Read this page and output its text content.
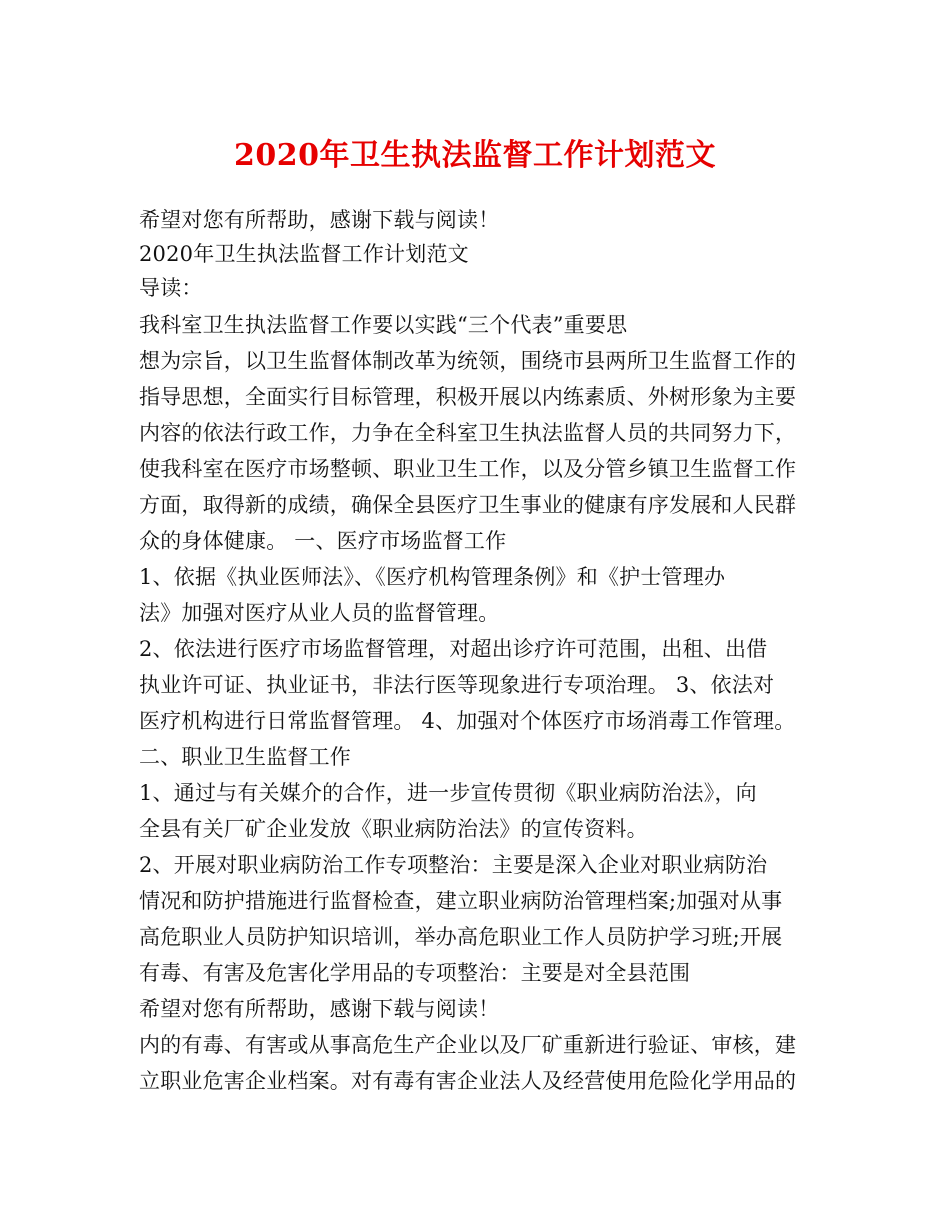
2020年卫生执法监督工作计划范文
希望对您有所帮助，感谢下载与阅读！
2020年卫生执法监督工作计划范文
导读：
我科室卫生执法监督工作要以实践“三个代表”重要思
想为宗旨，以卫生监督体制改革为统领，围绕市县两所卫生监督工作的
指导思想，全面实行目标管理，积极开展以内练素质、外树形象为主要
内容的依法行政工作，力争在全科室卫生执法监督人员的共同努力下，
使我科室在医疗市场整顿、职业卫生工作，以及分管乡镇卫生监督工作
方面，取得新的成绩，确保全县医疗卫生事业的健康有序发展和人民群
众的身体健康。 一、医疗市场监督工作
1、依据《执业医师法》、《医疗机构管理条例》和《护士管理办
法》加强对医疗从业人员的监督管理。
2、依法进行医疗市场监督管理，对超出诊疗许可范围，出租、出借
执业许可证、执业证书，非法行医等现象进行专项治理。 3、依法对
医疗机构进行日常监督管理。 4、加强对个体医疗市场消毒工作管理。
二、职业卫生监督工作
1、通过与有关媒介的合作，进一步宣传贯彻《职业病防治法》，向
全县有关厂矿企业发放《职业病防治法》的宣传资料。
2、开展对职业病防治工作专项整治：主要是深入企业对职业病防治
情况和防护措施进行监督检查，建立职业病防治管理档案;加强对从事
高危职业人员防护知识培训，举办高危职业工作人员防护学习班;开展
有毒、有害及危害化学用品的专项整治：主要是对全县范围
希望对您有所帮助，感谢下载与阅读！
内的有毒、有害或从事高危生产企业以及厂矿重新进行验证、审核，建
立职业危害企业档案。对有毒有害企业法人及经营使用危险化学用品的
